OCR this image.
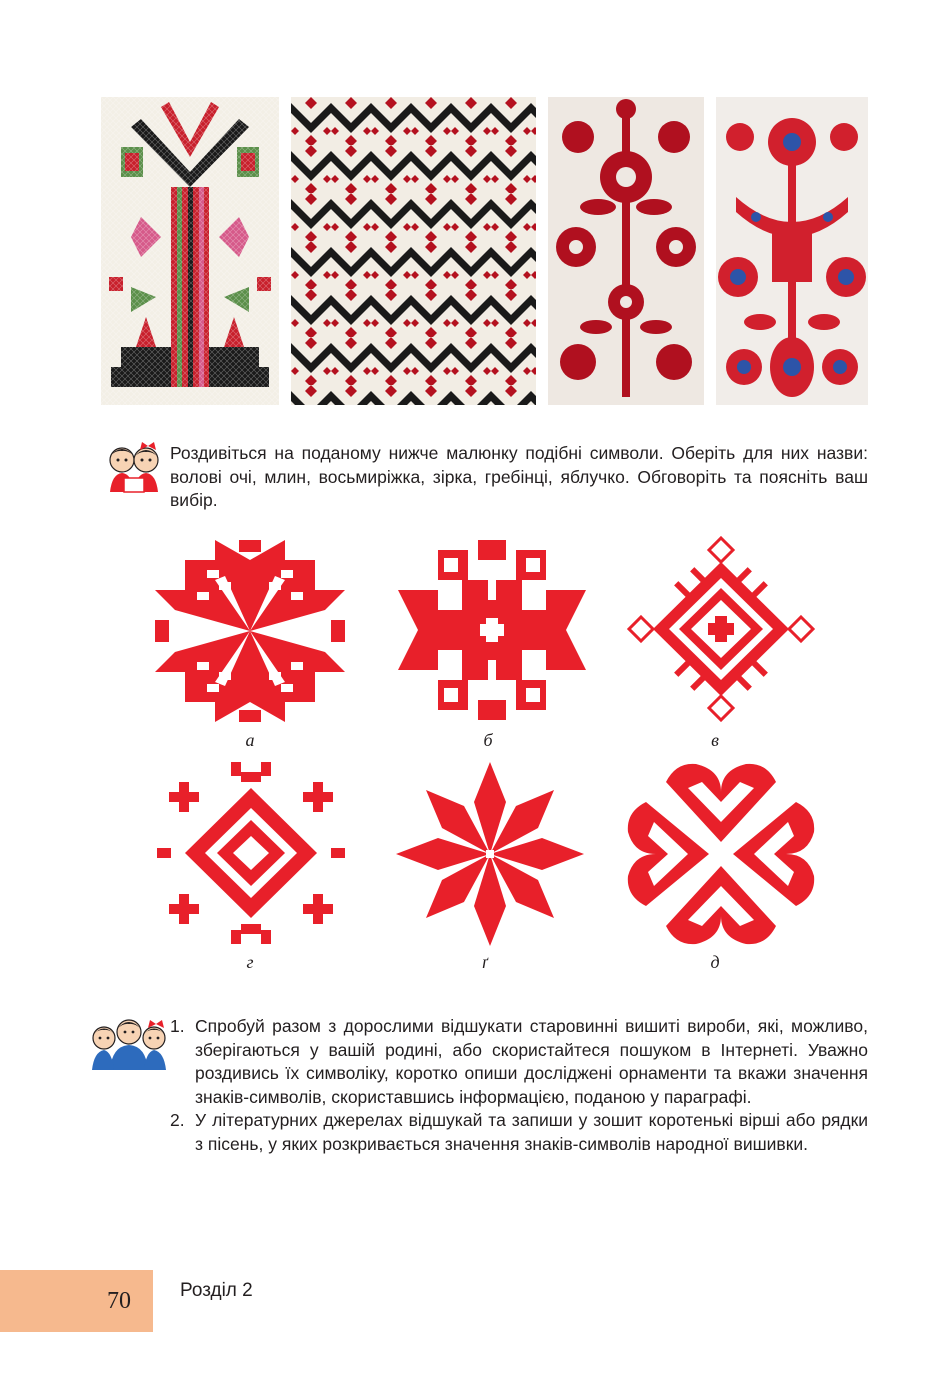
Роздивіться на поданому нижче малюнку подібні символи. Оберіть для них назви: волові очі, млин, восьмиріжка, зірка, гребінці, яблучко. Обговоріть та поясніть ваш вибір.
а	б	в
г	ґ	д
1. Спробуй разом з дорослими відшукати старовинні вишиті вироби, які, можливо, зберігаються у вашій родині, або скористайтеся пошуком в Інтернеті. Уважно роздивись їх символіку, коротко опиши досліджені орнаменти та вкажи значення знаків-символів, скориставшись інформацією, поданою у параграфі.
2. У літературних джерелах відшукай та запиши у зошит коротенькі вірші або рядки з пісень, у яких розкривається значення знаків-символів народної вишивки.
70	Розділ 2
